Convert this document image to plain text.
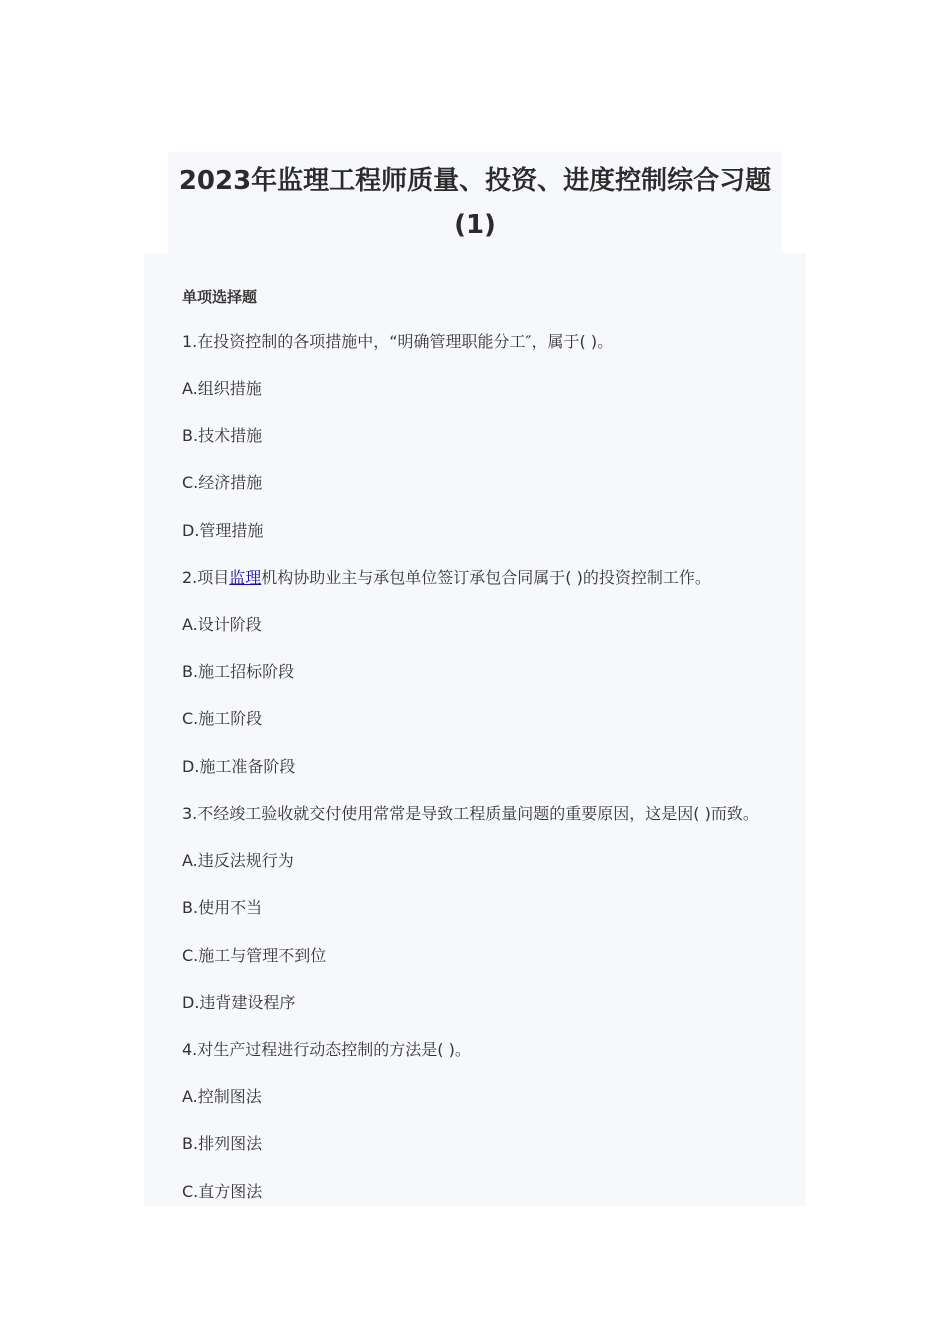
2023年监理工程师质量、投资、进度控制综合习题
(1)
单项选择题
1.在投资控制的各项措施中，“明确管理职能分工″，属于( )。
A.组织措施
B.技术措施
C.经济措施
D.管理措施
2.项目监理机构协助业主与承包单位签订承包合同属于( )的投资控制工作。
A.设计阶段
B.施工招标阶段
C.施工阶段
D.施工准备阶段
3.不经竣工验收就交付使用常常是导致工程质量问题的重要原因，这是因( )而致。
A.违反法规行为
B.使用不当
C.施工与管理不到位
D.违背建设程序
4.对生产过程进行动态控制的方法是( )。
A.控制图法
B.排列图法
C.直方图法
